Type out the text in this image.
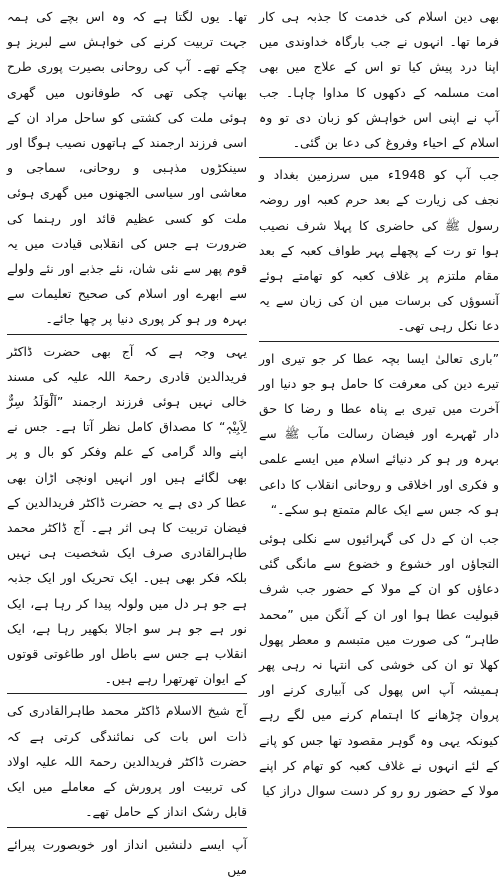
بھی دین اسلام کی خدمت کا جذبہ ہی کار فرما تھا۔ انہوں نے جب بارگاہ خداوندی میں اپنا درد پیش کیا تو اس کے علاج میں بھی امت مسلمہ کے دکھوں کا مداوا چاہا۔ جب آپ نے اپنی اس خواہش کو زبان دی تو وہ اسلام کے احیاء وفروغ کی دعا بن گئی۔

جب آپ کو 1948ء میں سرزمین بغداد و نجف کی زیارت کے بعد حرم کعبہ اور روضہ رسول ﷺ کی حاضری کا پہلا شرف نصیب ہوا تو رت کے پچھلے پہر طواف کعبہ کے بعد مقام ملتزم پر غلاف کعبہ کو تھامتے ہوئے آنسوؤں کی برسات میں ان کی زبان سے یہ دعا نکل رہی تھی۔

”باری تعالیٰ ایسا بچہ عطا کر جو تیری اور تیرے دین کی معرفت کا حامل ہو جو دنیا اور آخرت میں تیری بے پناہ عطا و رضا کا حق دار ٹھہرے اور فیضان رسالت مآب ﷺ سے بہرہ ور ہو کر دنیائے اسلام میں ایسے علمی و فکری اور اخلاقی و روحانی انقلاب کا داعی ہو کہ جس سے ایک عالم متمتع ہو سکے۔“

جب ان کے دل کی گہرائیوں سے نکلی ہوئی التجاؤں اور خشوع و خضوع سے مانگی گئی دعاؤں کو ان کے مولا کے حضور جب شرف قبولیت عطا ہوا اور ان کے آنگن میں ”محمد طاہر“ کی صورت میں متبسم و معطر پھول کھلا تو ان کی خوشی کی انتہا نہ رہی پھر ہمیشہ آپ اس پھول کی آبیاری کرنے اور پروان چڑھانے کا اہتمام کرنے میں لگے رہے کیونکہ یہی وہ گوہر مقصود تھا جس کو پانے کے لئے انہوں نے غلاف کعبہ کو تھام کر اپنے مولا کے حضور رو رو کر دست سوال دراز کیا

تھا۔ یوں لگتا ہے کہ وہ اس بچے کی ہمہ جہت تربیت کرنے کی خواہش سے لبریز ہو چکے تھے۔ آپ کی روحانی بصیرت پوری طرح بھانپ چکی تھی کہ طوفانوں میں گھری ہوئی ملت کی کشتی کو ساحل مراد ان کے اسی فرزند ارجمند کے ہاتھوں نصیب ہوگا اور سینکڑوں مذہبی و روحانی، سماجی و معاشی اور سیاسی الجھنوں میں گھری ہوئی ملت کو کسی عظیم قائد اور رہنما کی ضرورت ہے جس کی انقلابی قیادت میں یہ قوم پھر سے نئی شان، نئے جذبے اور نئے ولولے سے ابھرے اور اسلام کی صحیح تعلیمات سے بہرہ ور ہو کر پوری دنیا پر چھا جائے۔

یہی وجہ ہے کہ آج بھی حضرت ڈاکٹر فریدالدین قادری رحمۃ اللہ علیہ کی مسند خالی نہیں ہوئی فرزند ارجمند ”اَلْوَلَدُ سِرٌّ لِاَبِیْہٖ“ کا مصداق کامل نظر آتا ہے۔ جس نے اپنے والد گرامی کے علم وفکر کو بال و پر بھی لگائے ہیں اور انہیں اونچی اڑان بھی عطا کر دی ہے یہ حضرت ڈاکٹر فریدالدین کے فیضان تربیت کا ہی اثر ہے۔ آج ڈاکٹر محمد طاہرالقادری صرف ایک شخصیت ہی نہیں بلکہ فکر بھی ہیں۔ ایک تحریک اور ایک جذبہ ہے جو ہر دل میں ولولہ پیدا کر رہا ہے، ایک نور ہے جو ہر سو اجالا بکھیر رہا ہے، ایک انقلاب ہے جس سے باطل اور طاغوتی قوتوں کے ایوان تھرتھرا رہے ہیں۔

آج شیخ الاسلام ڈاکٹر محمد طاہرالقادری کی ذات اس بات کی نمائندگی کرتی ہے کہ حضرت ڈاکٹر فریدالدین رحمۃ اللہ علیہ اولاد کی تربیت اور پرورش کے معاملے میں ایک قابل رشک انداز کے حامل تھے۔

آپ ایسے دلنشیں انداز اور خوبصورت پیرائے میں
